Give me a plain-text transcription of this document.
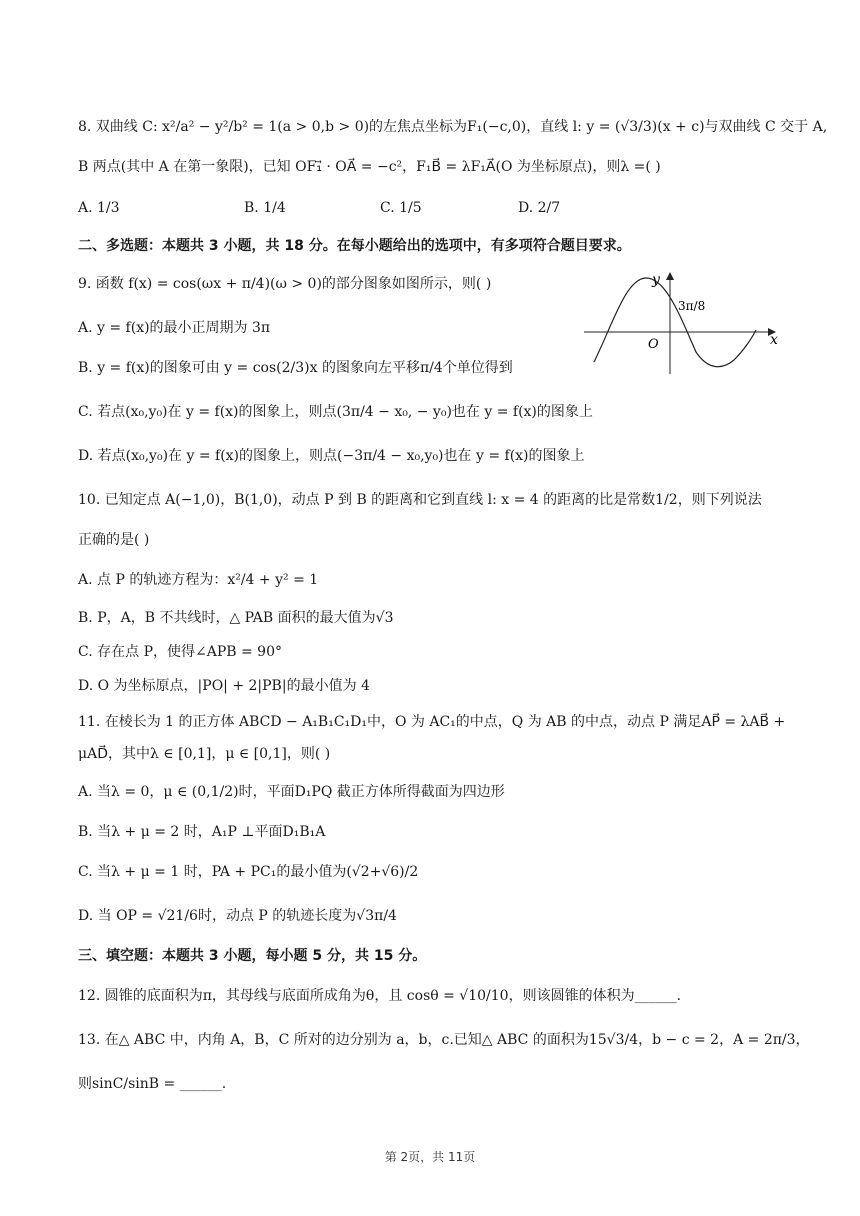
8. 双曲线 C: x²/a² − y²/b² = 1(a > 0,b > 0)的左焦点坐标为F₁(−c,0)，直线 l: y = (√3/3)(x + c)与双曲线 C 交于 A,
B 两点(其中 A 在第一象限)，已知 OF₁⃗ · OA⃗ = −c²，F₁B⃗ = λF₁A⃗(O 为坐标原点)，则λ =( )
A. 1/3	B. 1/4	C. 1/5	D. 2/7
二、多选题：本题共 3 小题，共 18 分。在每小题给出的选项中，有多项符合题目要求。
9. 函数 f(x) = cos(ωx + π/4)(ω > 0)的部分图象如图所示，则( )	y
x
O
3π/8
A. y = f(x)的最小正周期为 3π
B. y = f(x)的图象可由 y = cos(2/3)x 的图象向左平移π/4个单位得到
C. 若点(x₀,y₀)在 y = f(x)的图象上，则点(3π/4 − x₀, − y₀)也在 y = f(x)的图象上
D. 若点(x₀,y₀)在 y = f(x)的图象上，则点(−3π/4 − x₀,y₀)也在 y = f(x)的图象上
10. 已知定点 A(−1,0)，B(1,0)，动点 P 到 B 的距离和它到直线 l: x = 4 的距离的比是常数1/2，则下列说法
正确的是( )
A. 点 P 的轨迹方程为：x²/4 + y² = 1
B. P，A，B 不共线时，△ PAB 面积的最大值为√3
C. 存在点 P，使得∠APB = 90°
D. O 为坐标原点，|PO| + 2|PB|的最小值为 4
11. 在棱长为 1 的正方体 ABCD − A₁B₁C₁D₁中，O 为 AC₁的中点，Q 为 AB 的中点，动点 P 满足AP⃗ = λAB⃗ +
μAD⃗，其中λ ∈ [0,1]，μ ∈ [0,1]，则( )
A. 当λ = 0，μ ∈ (0,1/2)时，平面D₁PQ 截正方体所得截面为四边形
B. 当λ + μ = 2 时，A₁P ⊥平面D₁B₁A
C. 当λ + μ = 1 时，PA + PC₁的最小值为(√2+√6)/2
D. 当 OP = √21/6时，动点 P 的轨迹长度为√3π/4
三、填空题：本题共 3 小题，每小题 5 分，共 15 分。
12. 圆锥的底面积为π，其母线与底面所成角为θ，且 cosθ = √10/10，则该圆锥的体积为______.
13. 在△ ABC 中，内角 A，B，C 所对的边分别为 a，b，c.已知△ ABC 的面积为15√3/4，b − c = 2，A = 2π/3，
则sinC/sinB = ______.
第 2页，共 11页
